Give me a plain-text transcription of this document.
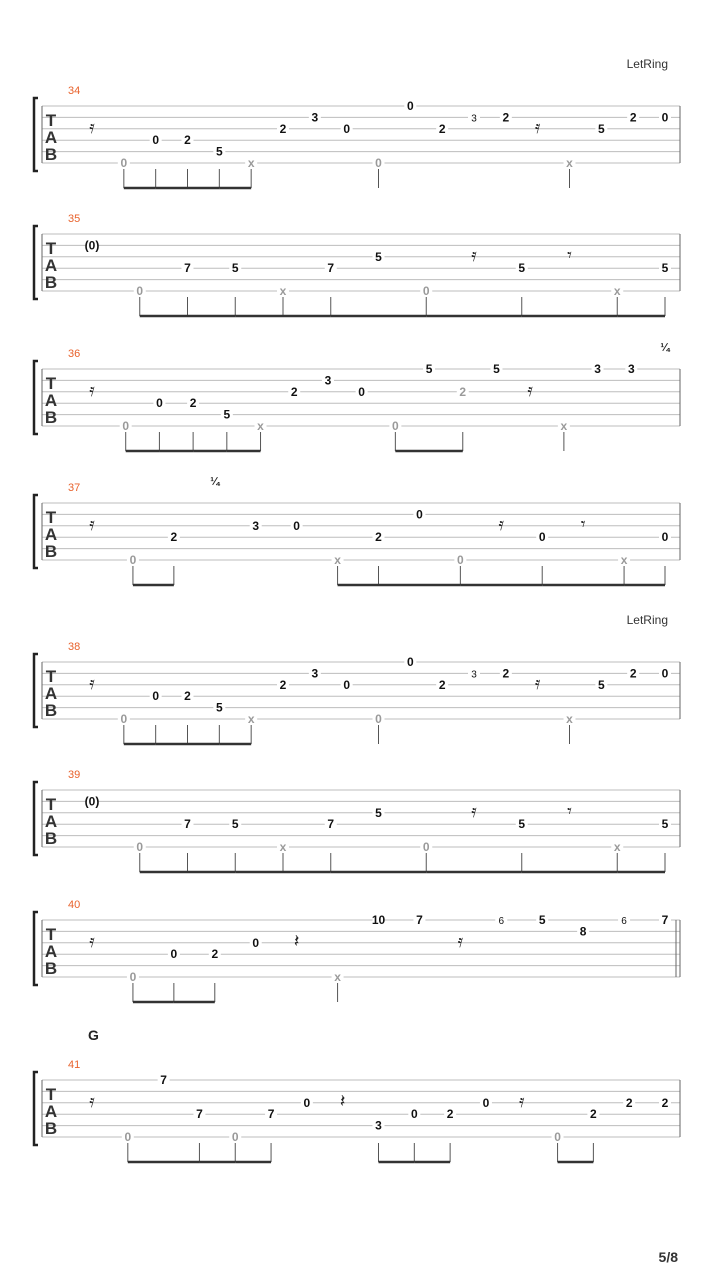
LetRing
34
T
A
B
𝄿
0
0 2
5
x
2
3
0
0
0
2
3 2 𝄿
x
5
2 0
35
T
A
B
(0)
0
7	5
x
7
5
0
𝄿
5
𝄾
x
5
36
T
A
B
𝄿
0
0 2
5
x
2
3
0
0
5
2
5
𝄿
x
3 3
¼
37
T
A
B
𝄿
0
2
¼
3	0
x
2
0
0
𝄿
0
𝄾
x
0
LetRing
38
T
A
B
𝄿
0
0 2
5
x
2
3
0
0
0
2
3 2 𝄿
x
5
2 0
39
T
A
B
(0)
0
7	5
x
7
5
0
𝄿
5
𝄾
x
5
40
T
A
B
𝄿
0
0	2
0 𝄽
x
10	7
𝄿
6	5
8
6	7
G
41
T
A
B
𝄿
0
7
7
0
7
0 𝄽
3
0 2
0 𝄿
0
2
2 2
5/8
